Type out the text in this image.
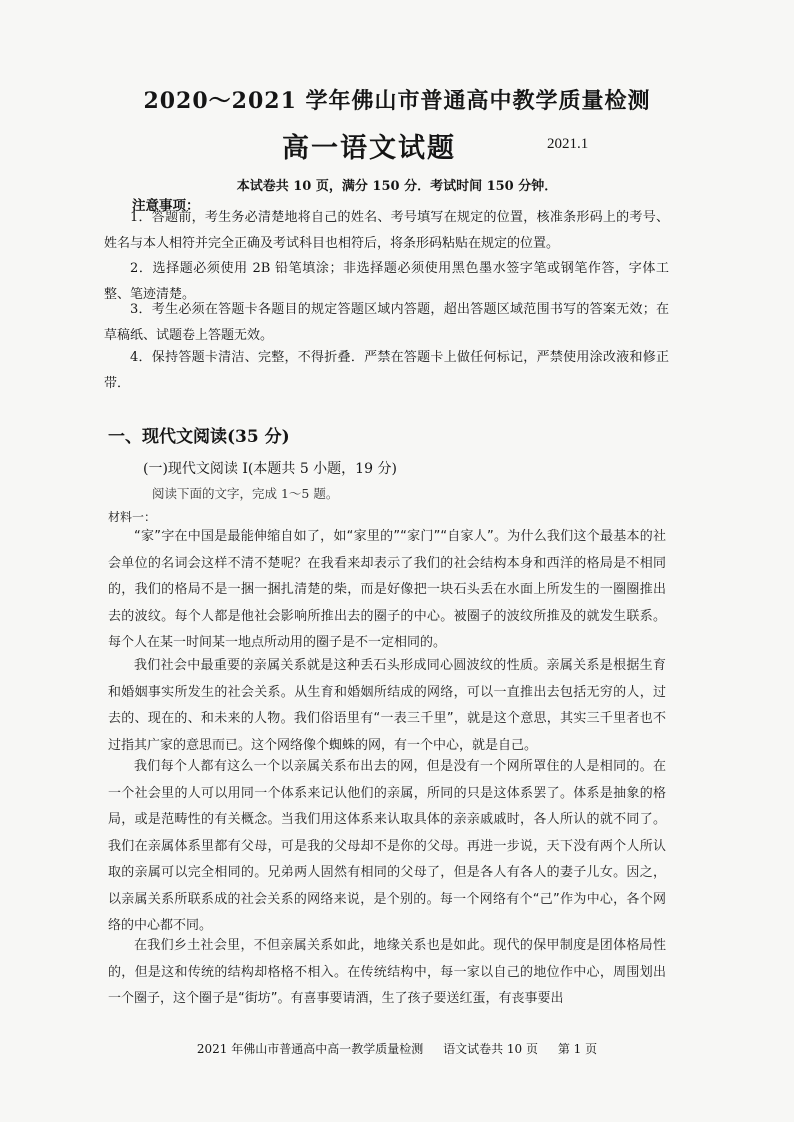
2020～2021 学年佛山市普通高中教学质量检测
高一语文试题	2021.1
本试卷共 10 页，满分 150 分．考试时间 150 分钟．
注意事项：
1．答题前，考生务必清楚地将自己的姓名、考号填写在规定的位置，核准条形码上的考号、姓名与本人相符并完全正确及考试科目也相符后，将条形码粘贴在规定的位置。
2．选择题必须使用 2B 铅笔填涂；非选择题必须使用黑色墨水签字笔或钢笔作答，字体工整、笔迹清楚。
3．考生必须在答题卡各题目的规定答题区域内答题，超出答题区域范围书写的答案无效；在草稿纸、试题卷上答题无效。
4．保持答题卡清洁、完整，不得折叠．严禁在答题卡上做任何标记，严禁使用涂改液和修正带．
一、现代文阅读(35 分)
(一)现代文阅读 I(本题共 5 小题，19 分)
阅读下面的文字，完成 1～5 题。
材料一：
“家”字在中国是最能伸缩自如了，如“家里的”“家门”“自家人”。为什么我们这个最基本的社会单位的名词会这样不清不楚呢？在我看来却表示了我们的社会结构本身和西洋的格局是不相同的，我们的格局不是一捆一捆扎清楚的柴，而是好像把一块石头丢在水面上所发生的一圈圈推出去的波纹。每个人都是他社会影响所推出去的圈子的中心。被圈子的波纹所推及的就发生联系。每个人在某一时间某一地点所动用的圈子是不一定相同的。
我们社会中最重要的亲属关系就是这种丢石头形成同心圆波纹的性质。亲属关系是根据生育和婚姻事实所发生的社会关系。从生育和婚姻所结成的网络，可以一直推出去包括无穷的人，过去的、现在的、和未来的人物。我们俗语里有“一表三千里”，就是这个意思，其实三千里者也不过指其广家的意思而已。这个网络像个蜘蛛的网，有一个中心，就是自己。
我们每个人都有这么一个以亲属关系布出去的网，但是没有一个网所罩住的人是相同的。在一个社会里的人可以用同一个体系来记认他们的亲属，所同的只是这体系罢了。体系是抽象的格局，或是范畴性的有关概念。当我们用这体系来认取具体的亲亲戚戚时，各人所认的就不同了。我们在亲属体系里都有父母，可是我的父母却不是你的父母。再进一步说，天下没有两个人所认取的亲属可以完全相同的。兄弟两人固然有相同的父母了，但是各人有各人的妻子儿女。因之，以亲属关系所联系成的社会关系的网络来说，是个别的。每一个网络有个“己”作为中心，各个网络的中心都不同。
在我们乡土社会里，不但亲属关系如此，地缘关系也是如此。现代的保甲制度是团体格局性的，但是这和传统的结构却格格不相入。在传统结构中，每一家以自己的地位作中心，周围划出一个圈子，这个圈子是“街坊”。有喜事要请酒，生了孩子要送红蛋，有丧事要出
2021 年佛山市普通高中高一教学质量检测 语文试卷共 10 页 第 1 页
